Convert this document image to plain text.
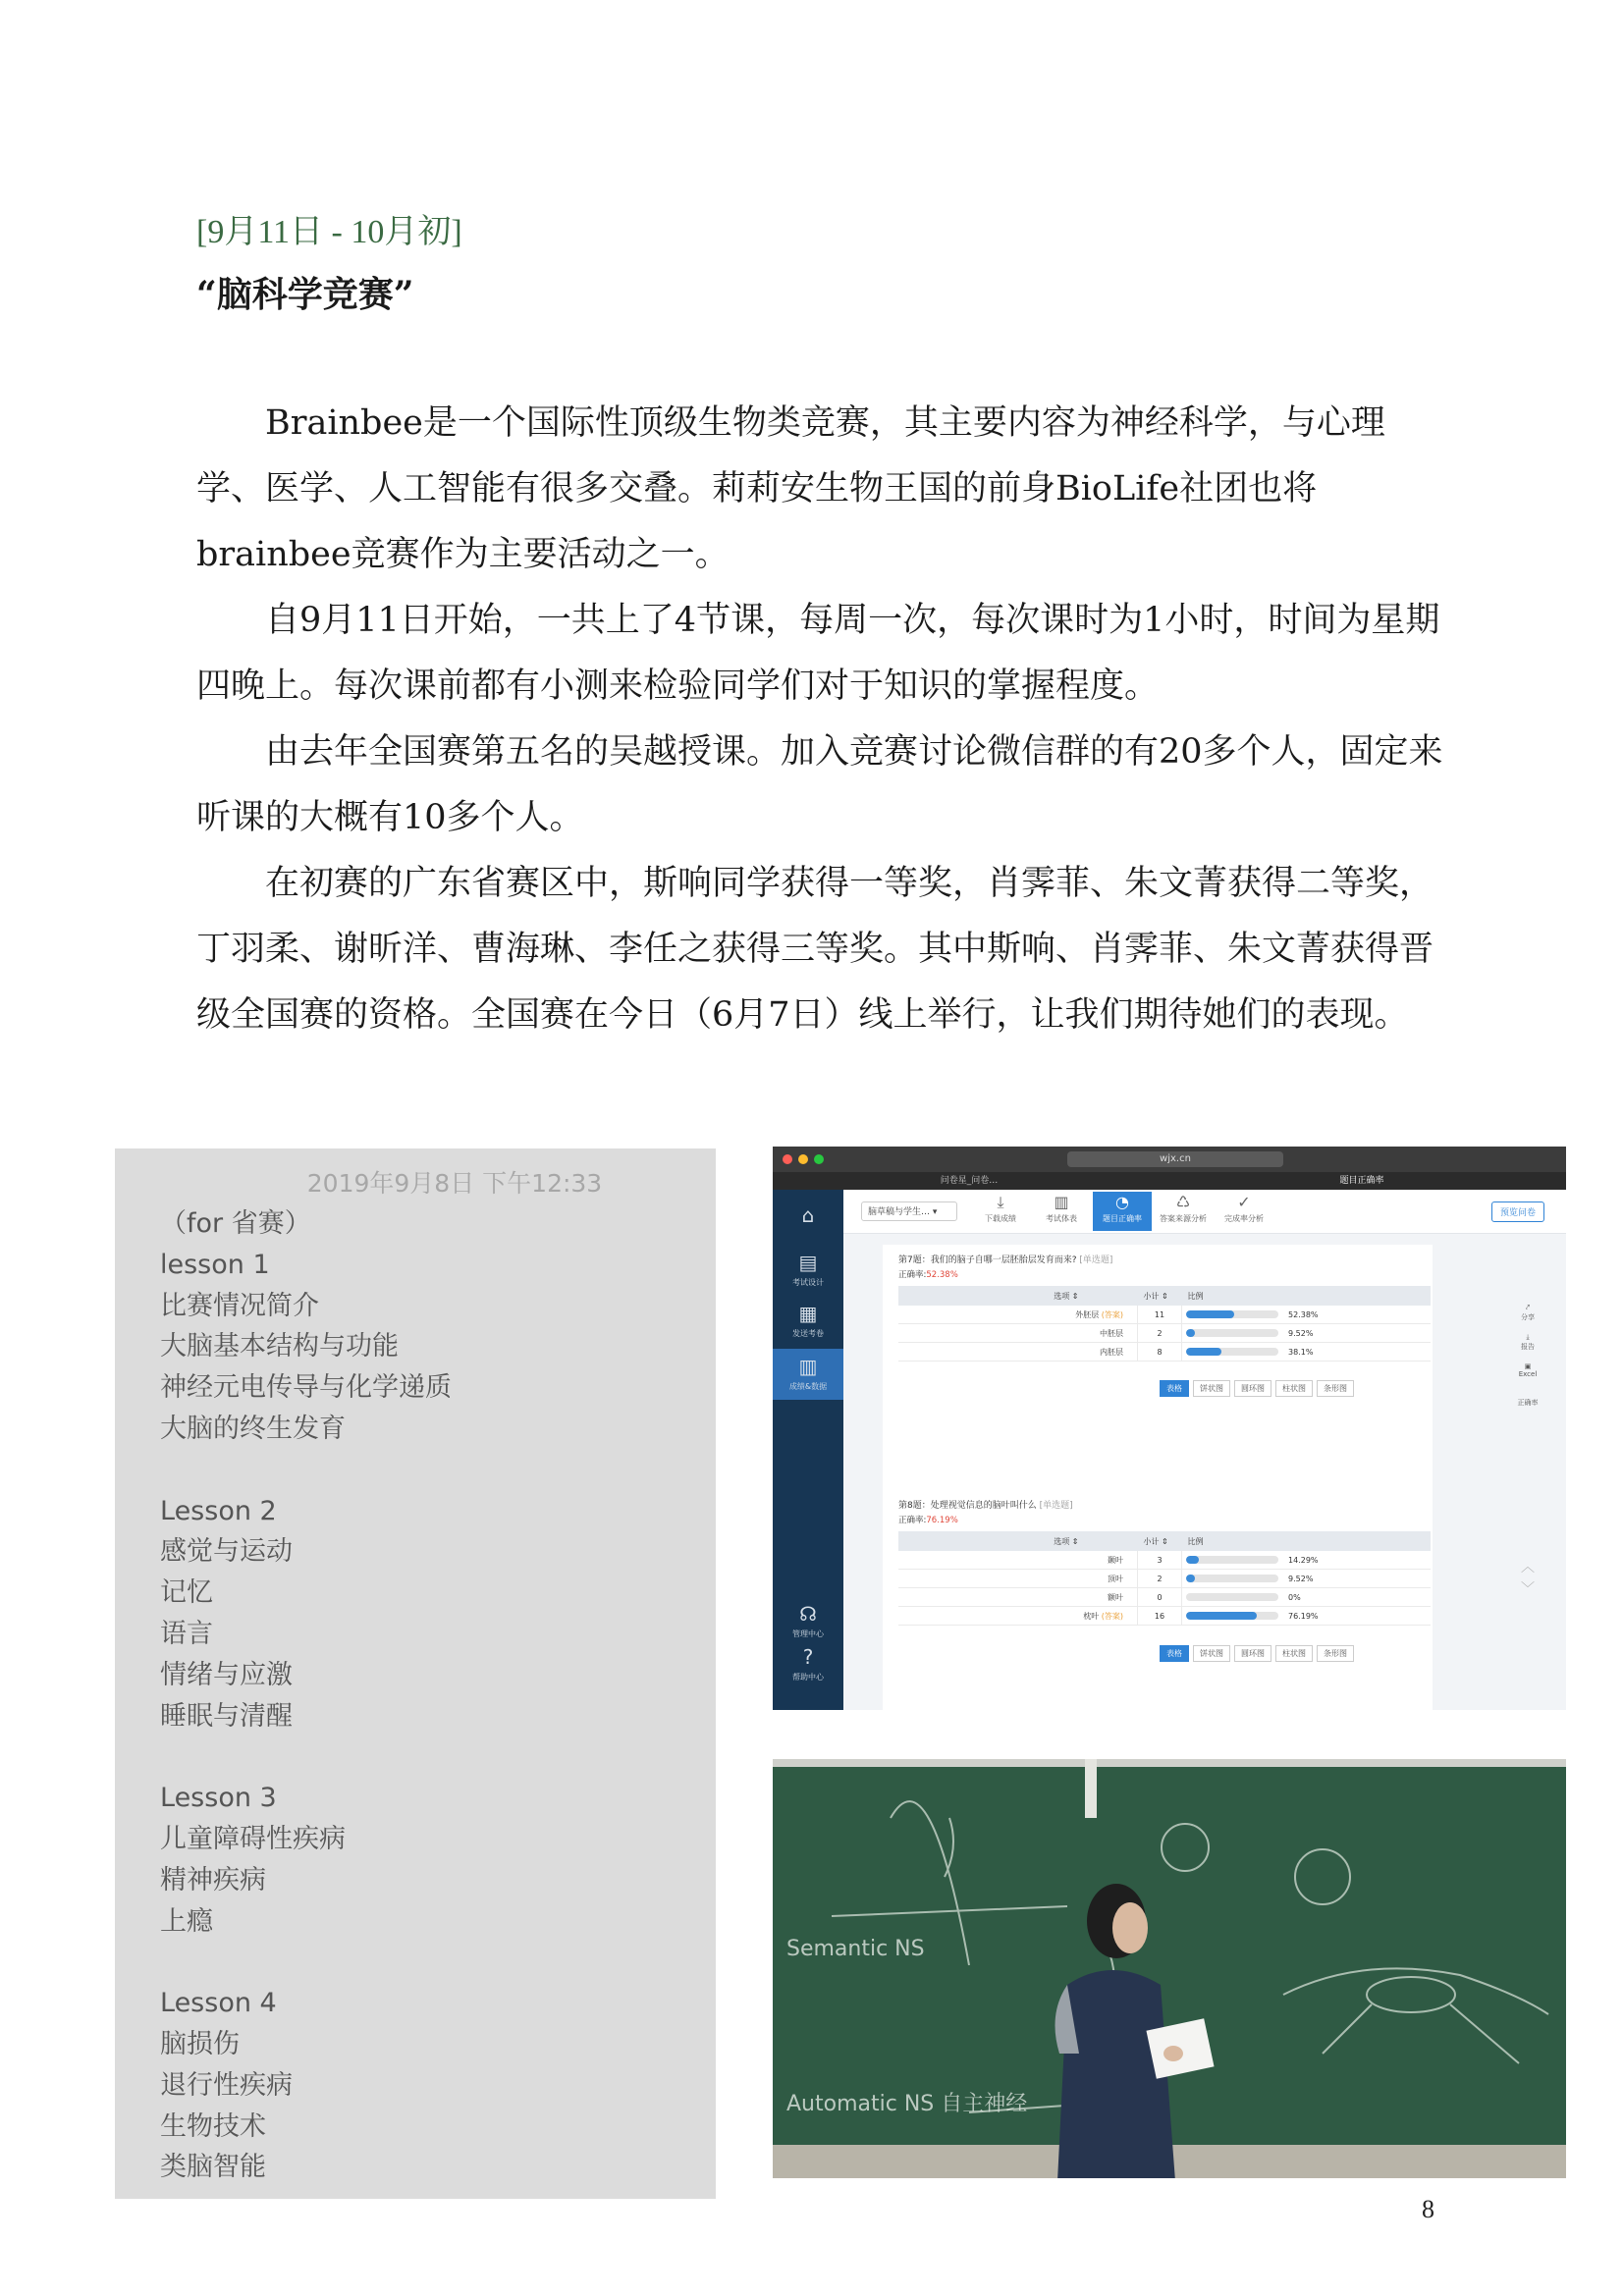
[9月11日 - 10月初]
“脑科学竞赛”

Brainbee是一个国际性顶级生物类竞赛，其主要内容为神经科学，与心理学、医学、人工智能有很多交叠。莉莉安生物王国的前身BioLife社团也将brainbee竞赛作为主要活动之一。

自9月11日开始，一共上了4节课，每周一次，每次课时为1小时，时间为星期四晚上。每次课前都有小测来检验同学们对于知识的掌握程度。

由去年全国赛第五名的吴越授课。加入竞赛讨论微信群的有20多个人，固定来听课的大概有10多个人。

在初赛的广东省赛区中，斯响同学获得一等奖，肖霁菲、朱文菁获得二等奖，丁羽柔、谢昕洋、曹海琳、李任之获得三等奖。其中斯响、肖霁菲、朱文菁获得晋级全国赛的资格。全国赛在今日（6月7日）线上举行，让我们期待她们的表现。

2019年9月8日 下午12:33
（for 省赛）
lesson 1
比赛情况简介
大脑基本结构与功能
神经元电传导与化学递质
大脑的终生发育
Lesson 2
感觉与运动
记忆
语言
情绪与应激
睡眠与清醒
Lesson 3
儿童障碍性疾病
精神疾病
上瘾
Lesson 4
脑损伤
退行性疾病
生物技术
类脑智能
wjx.cn
问卷星_问卷…	题目正确率
⌂
▤
考试设计
▦
发送考卷
▥
成绩&数据
☊
管理中心
?
帮助中心
脑草稿与学生… ▾
⤓
下载成绩
▥
考试体表
◔
题目正确率
♺
答案来源分析
✓
完成率分析
预览问卷
第7题：我们的脑子自哪一层胚胎层发育而来? [单选题]
正确率:52.38%
选项 ⇕	小计 ⇕	比例
外胚层 (答案)	11	52.38%
中胚层	2	9.52%
内胚层	8	38.1%
表格 饼状图 圆环图 柱状图 条形图
第8题：处理视觉信息的脑叶叫什么 [单选题]
正确率:76.19%
选项 ⇕	小计 ⇕	比例
颞叶	3	14.29%
顶叶	2	9.52%
额叶	0	0%
枕叶 (答案)	16	76.19%
表格 饼状图 圆环图 柱状图 条形图
⤤
分享
⤓
报告
▣
Excel
正确率
︿
﹀
Semantic NS
Automatic NS 自主神经
8
